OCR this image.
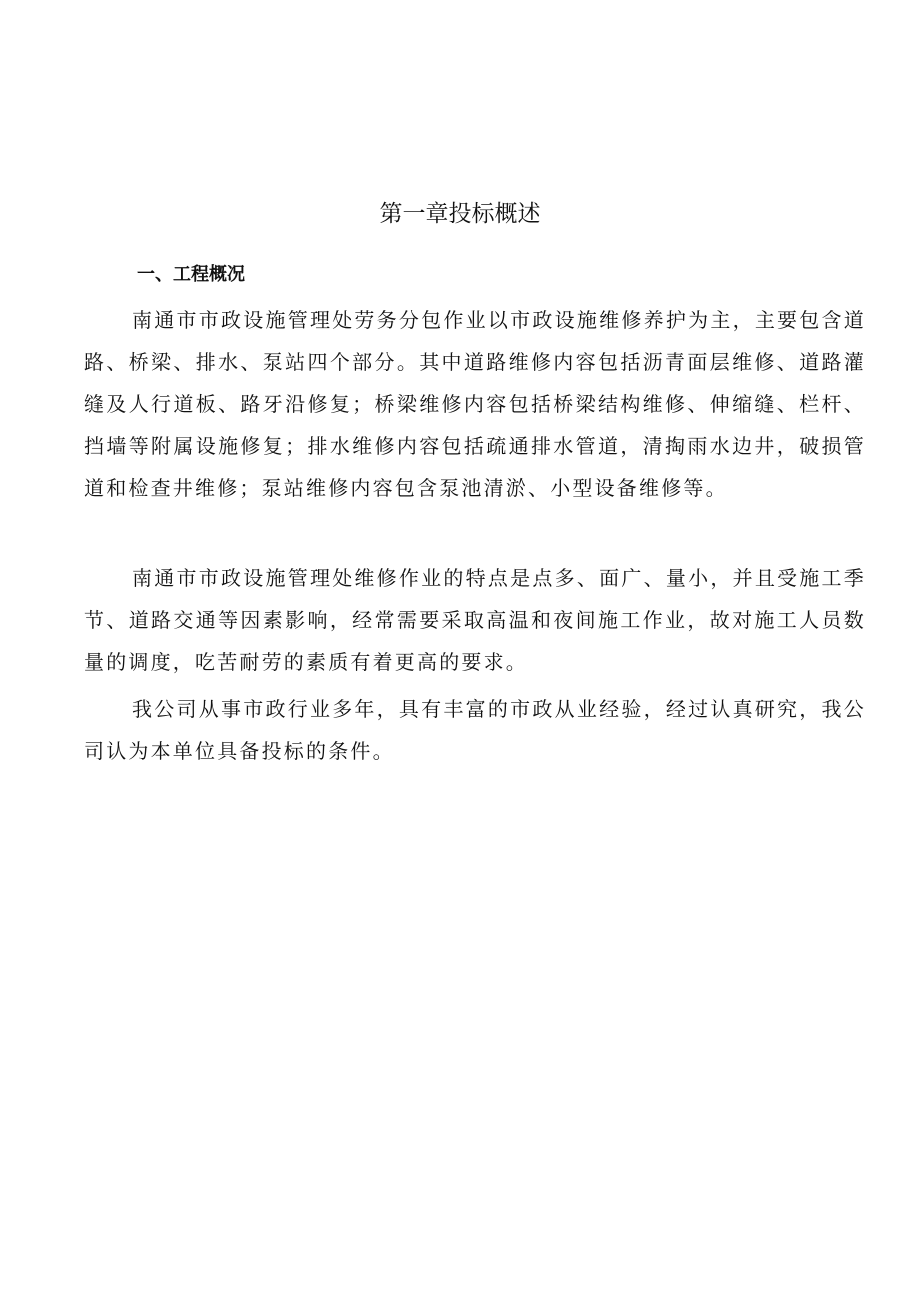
第一章投标概述
一、工程概况

南通市市政设施管理处劳务分包作业以市政设施维修养护为主，主要包含道路、桥梁、排水、泵站四个部分。其中道路维修内容包括沥青面层维修、道路灌缝及人行道板、路牙沿修复；桥梁维修内容包括桥梁结构维修、伸缩缝、栏杆、挡墙等附属设施修复；排水维修内容包括疏通排水管道，清掏雨水边井，破损管道和检查井维修；泵站维修内容包含泵池清淤、小型设备维修等。

南通市市政设施管理处维修作业的特点是点多、面广、量小，并且受施工季节、道路交通等因素影响，经常需要采取高温和夜间施工作业，故对施工人员数量的调度，吃苦耐劳的素质有着更高的要求。

我公司从事市政行业多年，具有丰富的市政从业经验，经过认真研究，我公司认为本单位具备投标的条件。
